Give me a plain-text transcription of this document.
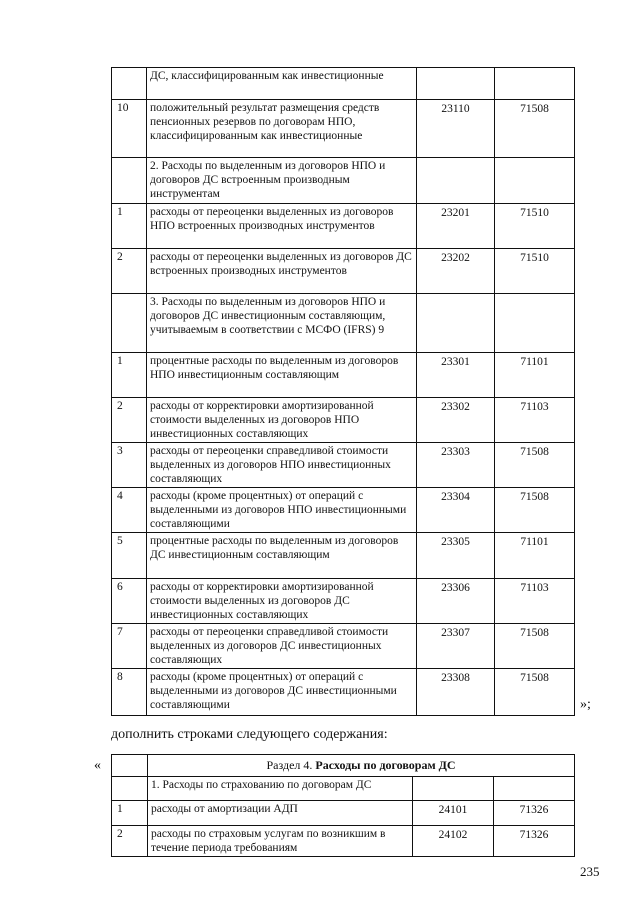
	ДС, классифицированным как инвестиционные		
10	положительный результат размещения средств пенсионных резервов по договорам НПО, классифицированным как инвестиционные	23110	71508
	2. Расходы по выделенным из договоров НПО и договоров ДС встроенным производным инструментам		
1	расходы от переоценки выделенных из договоров НПО встроенных производных инструментов	23201	71510
2	расходы от переоценки выделенных из договоров ДС встроенных производных инструментов	23202	71510
	3. Расходы по выделенным из договоров НПО и договоров ДС инвестиционным составляющим, учитываемым в соответствии с МСФО (IFRS) 9		
1	процентные расходы по выделенным из договоров НПО инвестиционным составляющим	23301	71101
2	расходы от корректировки амортизированной стоимости выделенных из договоров НПО инвестиционных составляющих	23302	71103
3	расходы от переоценки справедливой стоимости выделенных из договоров НПО инвестиционных составляющих	23303	71508
4	расходы (кроме процентных) от операций с выделенными из договоров НПО инвестиционными составляющими	23304	71508
5	процентные расходы по выделенным из договоров ДС инвестиционным составляющим	23305	71101
6	расходы от корректировки амортизированной стоимости выделенных из договоров ДС инвестиционных составляющих	23306	71103
7	расходы от переоценки справедливой стоимости выделенных из договоров ДС инвестиционных составляющих	23307	71508
8	расходы (кроме процентных) от операций с выделенными из договоров ДС инвестиционными составляющими	23308	71508
»;
дополнить строками следующего содержания:
«
		Раздел 4. Расходы по договорам ДС		
	1. Расходы по страхованию по договорам ДС		
1	расходы от амортизации АДП	24101	71326
2	расходы по страховым услугам по возникшим в течение периода требованиям	24102	71326
235
